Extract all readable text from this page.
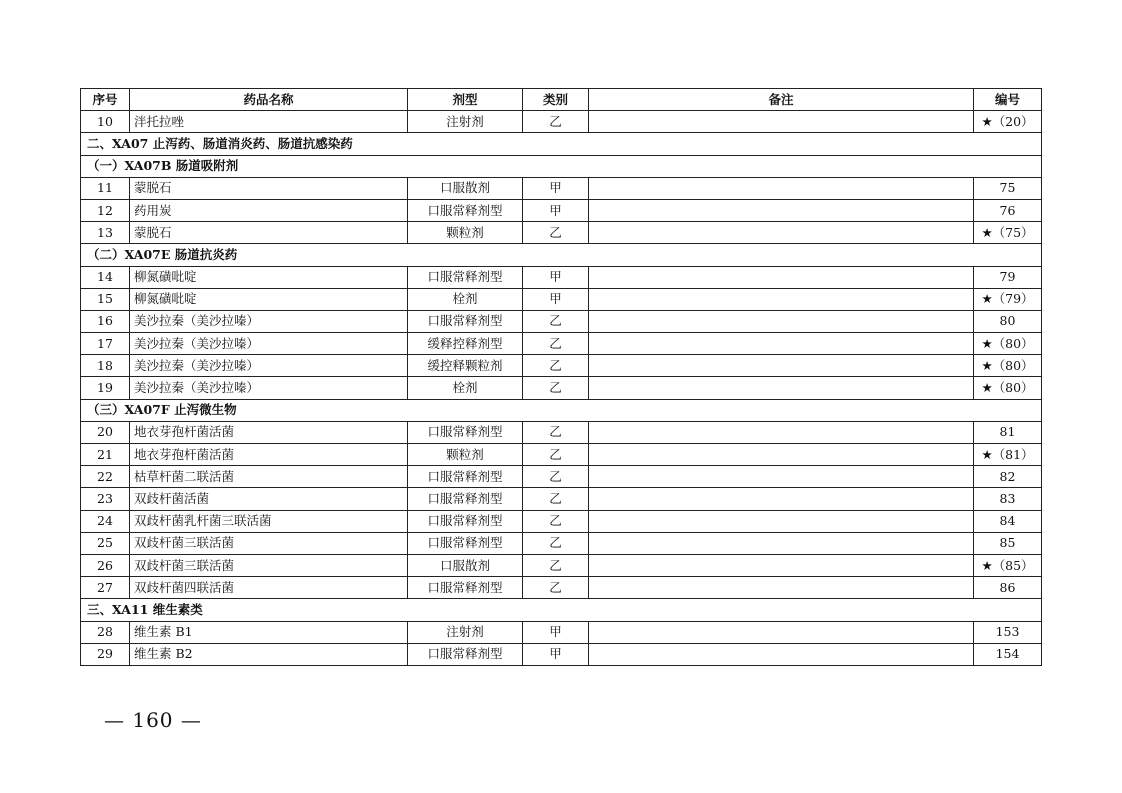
序号	药品名称	剂型	类别	备注	编号
10	泮托拉唑	注射剂	乙		★（20）
二、XA07 止泻药、肠道消炎药、肠道抗感染药					
（一）XA07B 肠道吸附剂					
11	蒙脱石	口服散剂	甲		75
12	药用炭	口服常释剂型	甲		76
13	蒙脱石	颗粒剂	乙		★（75）
（二）XA07E 肠道抗炎药					
14	柳氮磺吡啶	口服常释剂型	甲		79
15	柳氮磺吡啶	栓剂	甲		★（79）
16	美沙拉秦（美沙拉嗪）	口服常释剂型	乙		80
17	美沙拉秦（美沙拉嗪）	缓释控释剂型	乙		★（80）
18	美沙拉秦（美沙拉嗪）	缓控释颗粒剂	乙		★（80）
19	美沙拉秦（美沙拉嗪）	栓剂	乙		★（80）
（三）XA07F 止泻微生物					
20	地衣芽孢杆菌活菌	口服常释剂型	乙		81
21	地衣芽孢杆菌活菌	颗粒剂	乙		★（81）
22	枯草杆菌二联活菌	口服常释剂型	乙		82
23	双歧杆菌活菌	口服常释剂型	乙		83
24	双歧杆菌乳杆菌三联活菌	口服常释剂型	乙		84
25	双歧杆菌三联活菌	口服常释剂型	乙		85
26	双歧杆菌三联活菌	口服散剂	乙		★（85）
27	双歧杆菌四联活菌	口服常释剂型	乙		86
三、XA11 维生素类					
28	维生素 B1	注射剂	甲		153
29	维生素 B2	口服常释剂型	甲		154
— 160 —
